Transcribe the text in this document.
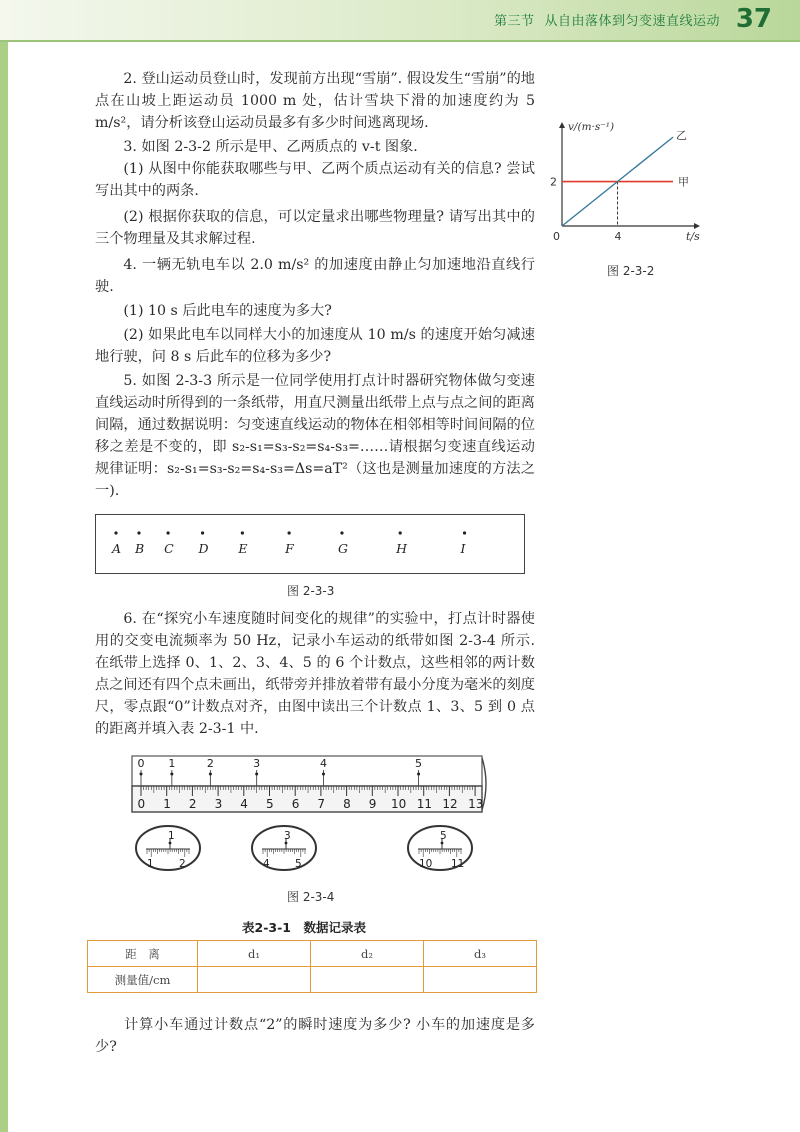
第三节 从自由落体到匀变速直线运动 37
2. 登山运动员登山时，发现前方出现“雪崩”. 假设发生“雪崩”的地点在山坡上距运动员 1000 m 处，估计雪块下滑的加速度约为 5 m/s²，请分析该登山运动员最多有多少时间逃离现场.
3. 如图 2-3-2 所示是甲、乙两质点的 v-t 图象.
(1) 从图中你能获取哪些与甲、乙两个质点运动有关的信息? 尝试写出其中的两条.
(2) 根据你获取的信息，可以定量求出哪些物理量? 请写出其中的三个物理量及其求解过程.
4. 一辆无轨电车以 2.0 m/s² 的加速度由静止匀加速地沿直线行驶.
(1) 10 s 后此电车的速度为多大?
(2) 如果此电车以同样大小的加速度从 10 m/s 的速度开始匀减速地行驶，问 8 s 后此车的位移为多少?
5. 如图 2-3-3 所示是一位同学使用打点计时器研究物体做匀变速直线运动时所得到的一条纸带，用直尺测量出纸带上点与点之间的距离间隔，通过数据说明：匀变速直线运动的物体在相邻相等时间间隔的位移之差是不变的，即 s₂-s₁=s₃-s₂=s₄-s₃=……请根据匀变速直线运动规律证明：s₂-s₁=s₃-s₂=s₄-s₃=Δs=aT²（这也是测量加速度的方法之一).
v/(m·s⁻¹)
t/s
0	4
2	甲
乙
图 2-3-2
A B C D E	F	G	H	I
图 2-3-3
6. 在“探究小车速度随时间变化的规律”的实验中，打点计时器使用的交变电流频率为 50 Hz，记录小车运动的纸带如图 2-3-4 所示. 在纸带上选择 0、1、2、3、4、5 的 6 个计数点，这些相邻的两计数点之间还有四个点未画出，纸带旁并排放着带有最小分度为毫米的刻度尺，零点跟“0”计数点对齐，由图中读出三个计数点 1、3、5 到 0 点的距离并填入表 2-3-1 中.
0 1	2	3	4	5
0 1 2 3 4 5 6 7 8 9 10 11 12 13
1
1 2
3
4 5
5
10 11
图 2-3-4
表2-3-1　数据记录表
距　离	d₁	d₂	d₃
测量值/cm			
计算小车通过计数点“2”的瞬时速度为多少? 小车的加速度是多少?
